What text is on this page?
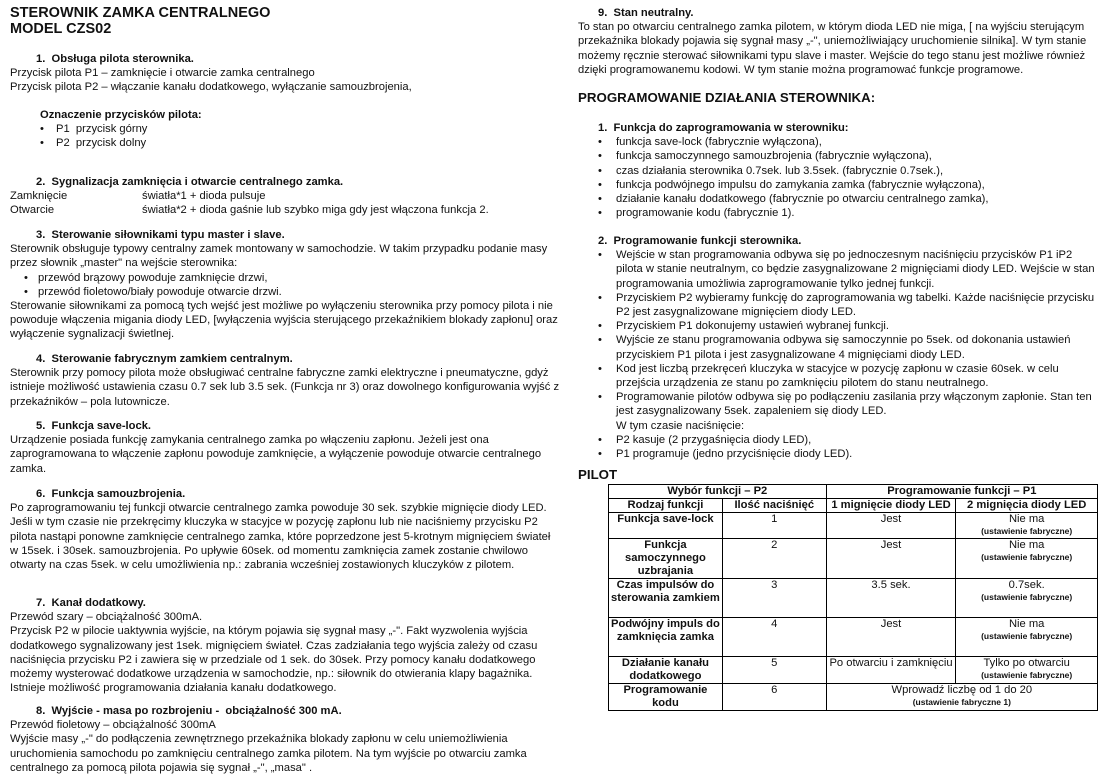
STEROWNIK ZAMKA CENTRALNEGO
MODEL CZS02

1.  Obsługa pilota sterownika.

Przycisk pilota P1 – zamknięcie i otwarcie zamka centralnego

Przycisk pilota P2 – włączanie kanału dodatkowego, wyłączanie samouzbrojenia,

Oznaczenie przycisków pilota:

• P1  przycisk górny
• P2  przycisk dolny

2.  Sygnalizacja zamknięcia i otwarcie centralnego zamka.

Zamknięcie	światła*1 + dioda pulsuje
Otwarcie	światła*2 + dioda gaśnie lub szybko miga gdy jest włączona funkcja 2.

3.  Sterowanie siłownikami typu master i slave.

Sterownik obsługuje typowy centralny zamek montowany w samochodzie. W takim przypadku podanie masy przez słownik „master" na wejście sterownika:

• przewód brązowy powoduje zamknięcie drzwi,
• przewód fioletowo/biały powoduje otwarcie drzwi.

Sterowanie siłownikami za pomocą tych wejść jest możliwe po wyłączeniu sterownika przy pomocy pilota i nie powoduje włączenia migania diody LED, [wyłączenia wyjścia sterującego przekaźnikiem blokady zapłonu] oraz wyłączenie sygnalizacji świetlnej.

4.  Sterowanie fabrycznym zamkiem centralnym.

Sterownik przy pomocy pilota może obsługiwać centralne fabryczne zamki elektryczne i pneumatyczne, gdyż istnieje możliwość ustawienia czasu 0.7 sek lub 3.5 sek. (Funkcja nr 3) oraz dowolnego konfigurowania wyjść z przekaźników – pola lutownicze.

5.  Funkcja save-lock.

Urządzenie posiada funkcję zamykania centralnego zamka po włączeniu zapłonu. Jeżeli jest ona zaprogramowana to włączenie zapłonu powoduje zamknięcie, a wyłączenie powoduje otwarcie centralnego zamka.

6.  Funkcja samouzbrojenia.

Po zaprogramowaniu tej funkcji otwarcie centralnego zamka powoduje 30 sek. szybkie mignięcie diody LED. Jeśli w tym czasie nie przekręcimy kluczyka w stacyjce w pozycję zapłonu lub nie naciśniemy przycisku P2 pilota nastąpi ponowne zamknięcie centralnego zamka, które poprzedzone jest 5-krotnym mignięciem świateł w 15sek. i 30sek. samouzbrojenia. Po upływie 60sek. od momentu zamknięcia zamek zostanie chwilowo otwarty na czas 5sek. w celu umożliwienia np.: zabrania wcześniej zostawionych kluczyków z pilotem.

7.  Kanał dodatkowy.

Przewód szary – obciążalność 300mA.

Przycisk P2 w pilocie uaktywnia wyjście, na którym pojawia się sygnał masy „-". Fakt wyzwolenia wyjścia dodatkowego sygnalizowany jest 1sek. mignięciem świateł. Czas zadziałania tego wyjścia zależy od czasu naciśnięcia przycisku P2 i zawiera się w przedziale od 1 sek. do 30sek. Przy pomocy kanału dodatkowego możemy wysterować dodatkowe urządzenia w samochodzie, np.: siłownik do otwierania klapy bagażnika. Istnieje możliwość programowania działania kanału dodatkowego.

8.  Wyjście - masa po rozbrojeniu -  obciążalność 300 mA.

Przewód fioletowy – obciążalność 300mA

Wyjście masy „-" do podłączenia zewnętrznego przekaźnika blokady zapłonu w celu uniemożliwienia uruchomienia samochodu po zamknięciu centralnego zamka pilotem. Na tym wyjście po otwarciu zamka centralnego za pomocą pilota pojawia się sygnał „-", „masa" .

9.  Stan neutralny.

To stan po otwarciu centralnego zamka pilotem, w którym dioda LED nie miga, [ na wyjściu sterującym przekaźnika blokady pojawia się sygnał masy „-", uniemożliwiający uruchomienie silnika]. W tym stanie możemy ręcznie sterować siłownikami typu slave i master. Wejście do tego stanu jest możliwe również dzięki programowanemu kodowi. W tym stanie można programować funkcje programowe.

PROGRAMOWANIE DZIAŁANIA STEROWNIKA:

1.  Funkcja do zaprogramowania w sterowniku:

• funkcja save-lock (fabrycznie wyłączona),
• funkcja samoczynnego samouzbrojenia (fabrycznie wyłączona),
• czas działania sterownika 0.7sek. lub 3.5sek. (fabrycznie 0.7sek.),
• funkcja podwójnego impulsu do zamykania zamka (fabrycznie wyłączona),
• działanie kanału dodatkowego (fabrycznie po otwarciu centralnego zamka),
• programowanie kodu (fabrycznie 1).

2.  Programowanie funkcji sterownika.

• Wejście w stan programowania odbywa się po jednoczesnym naciśnięciu przycisków P1 iP2 pilota w stanie neutralnym, co będzie zasygnalizowane 2 mignięciami diody LED. Wejście w stan programowania umożliwia zaprogramowanie tylko jednej funkcji.
• Przyciskiem P2 wybieramy funkcję do zaprogramowania wg tabelki. Każde naciśnięcie przycisku P2 jest zasygnalizowane mignięciem diody LED.
• Przyciskiem P1 dokonujemy ustawień wybranej funkcji.
• Wyjście ze stanu programowania odbywa się samoczynnie po 5sek. od dokonania ustawień przyciskiem P1 pilota i jest zasygnalizowane 4 mignięciami diody LED.
• Kod jest liczbą przekręceń kluczyka w stacyjce w pozycję zapłonu w czasie 60sek. w celu przejścia urządzenia ze stanu po zamknięciu pilotem do stanu neutralnego.
• Programowanie pilotów odbywa się po podłączeniu zasilania przy włączonym zapłonie. Stan ten jest zasygnalizowany 5sek. zapaleniem się diody LED.

W tym czasie naciśnięcie:

• P2 kasuje (2 przygaśnięcia diody LED),
• P1 programuje (jedno przyciśnięcie diody LED).
PILOT
Wybór funkcji – P2		Programowanie funkcji – P1	
Rodzaj funkcji	Ilość naciśnięć	1 mignięcie diody LED	2 mignięcia diody LED
Funkcja save-lock	1	Jest	Nie ma
(ustawienie fabryczne)

Funkcja samoczynnego uzbrajania	2	Jest	Nie ma
(ustawienie fabryczne)

Czas impulsów do sterowania zamkiem	3	3.5 sek.	0.7sek.
(ustawienie fabryczne)

Podwójny impuls do zamknięcia zamka	4	Jest	Nie ma
(ustawienie fabryczne)

Działanie kanału dodatkowego	5	Po otwarciu i zamknięciu	Tylko po otwarciu
(ustawienie fabryczne)

Programowanie kodu	6	Wprowadź liczbę od 1 do 20
(ustawienie fabryczne 1)	
